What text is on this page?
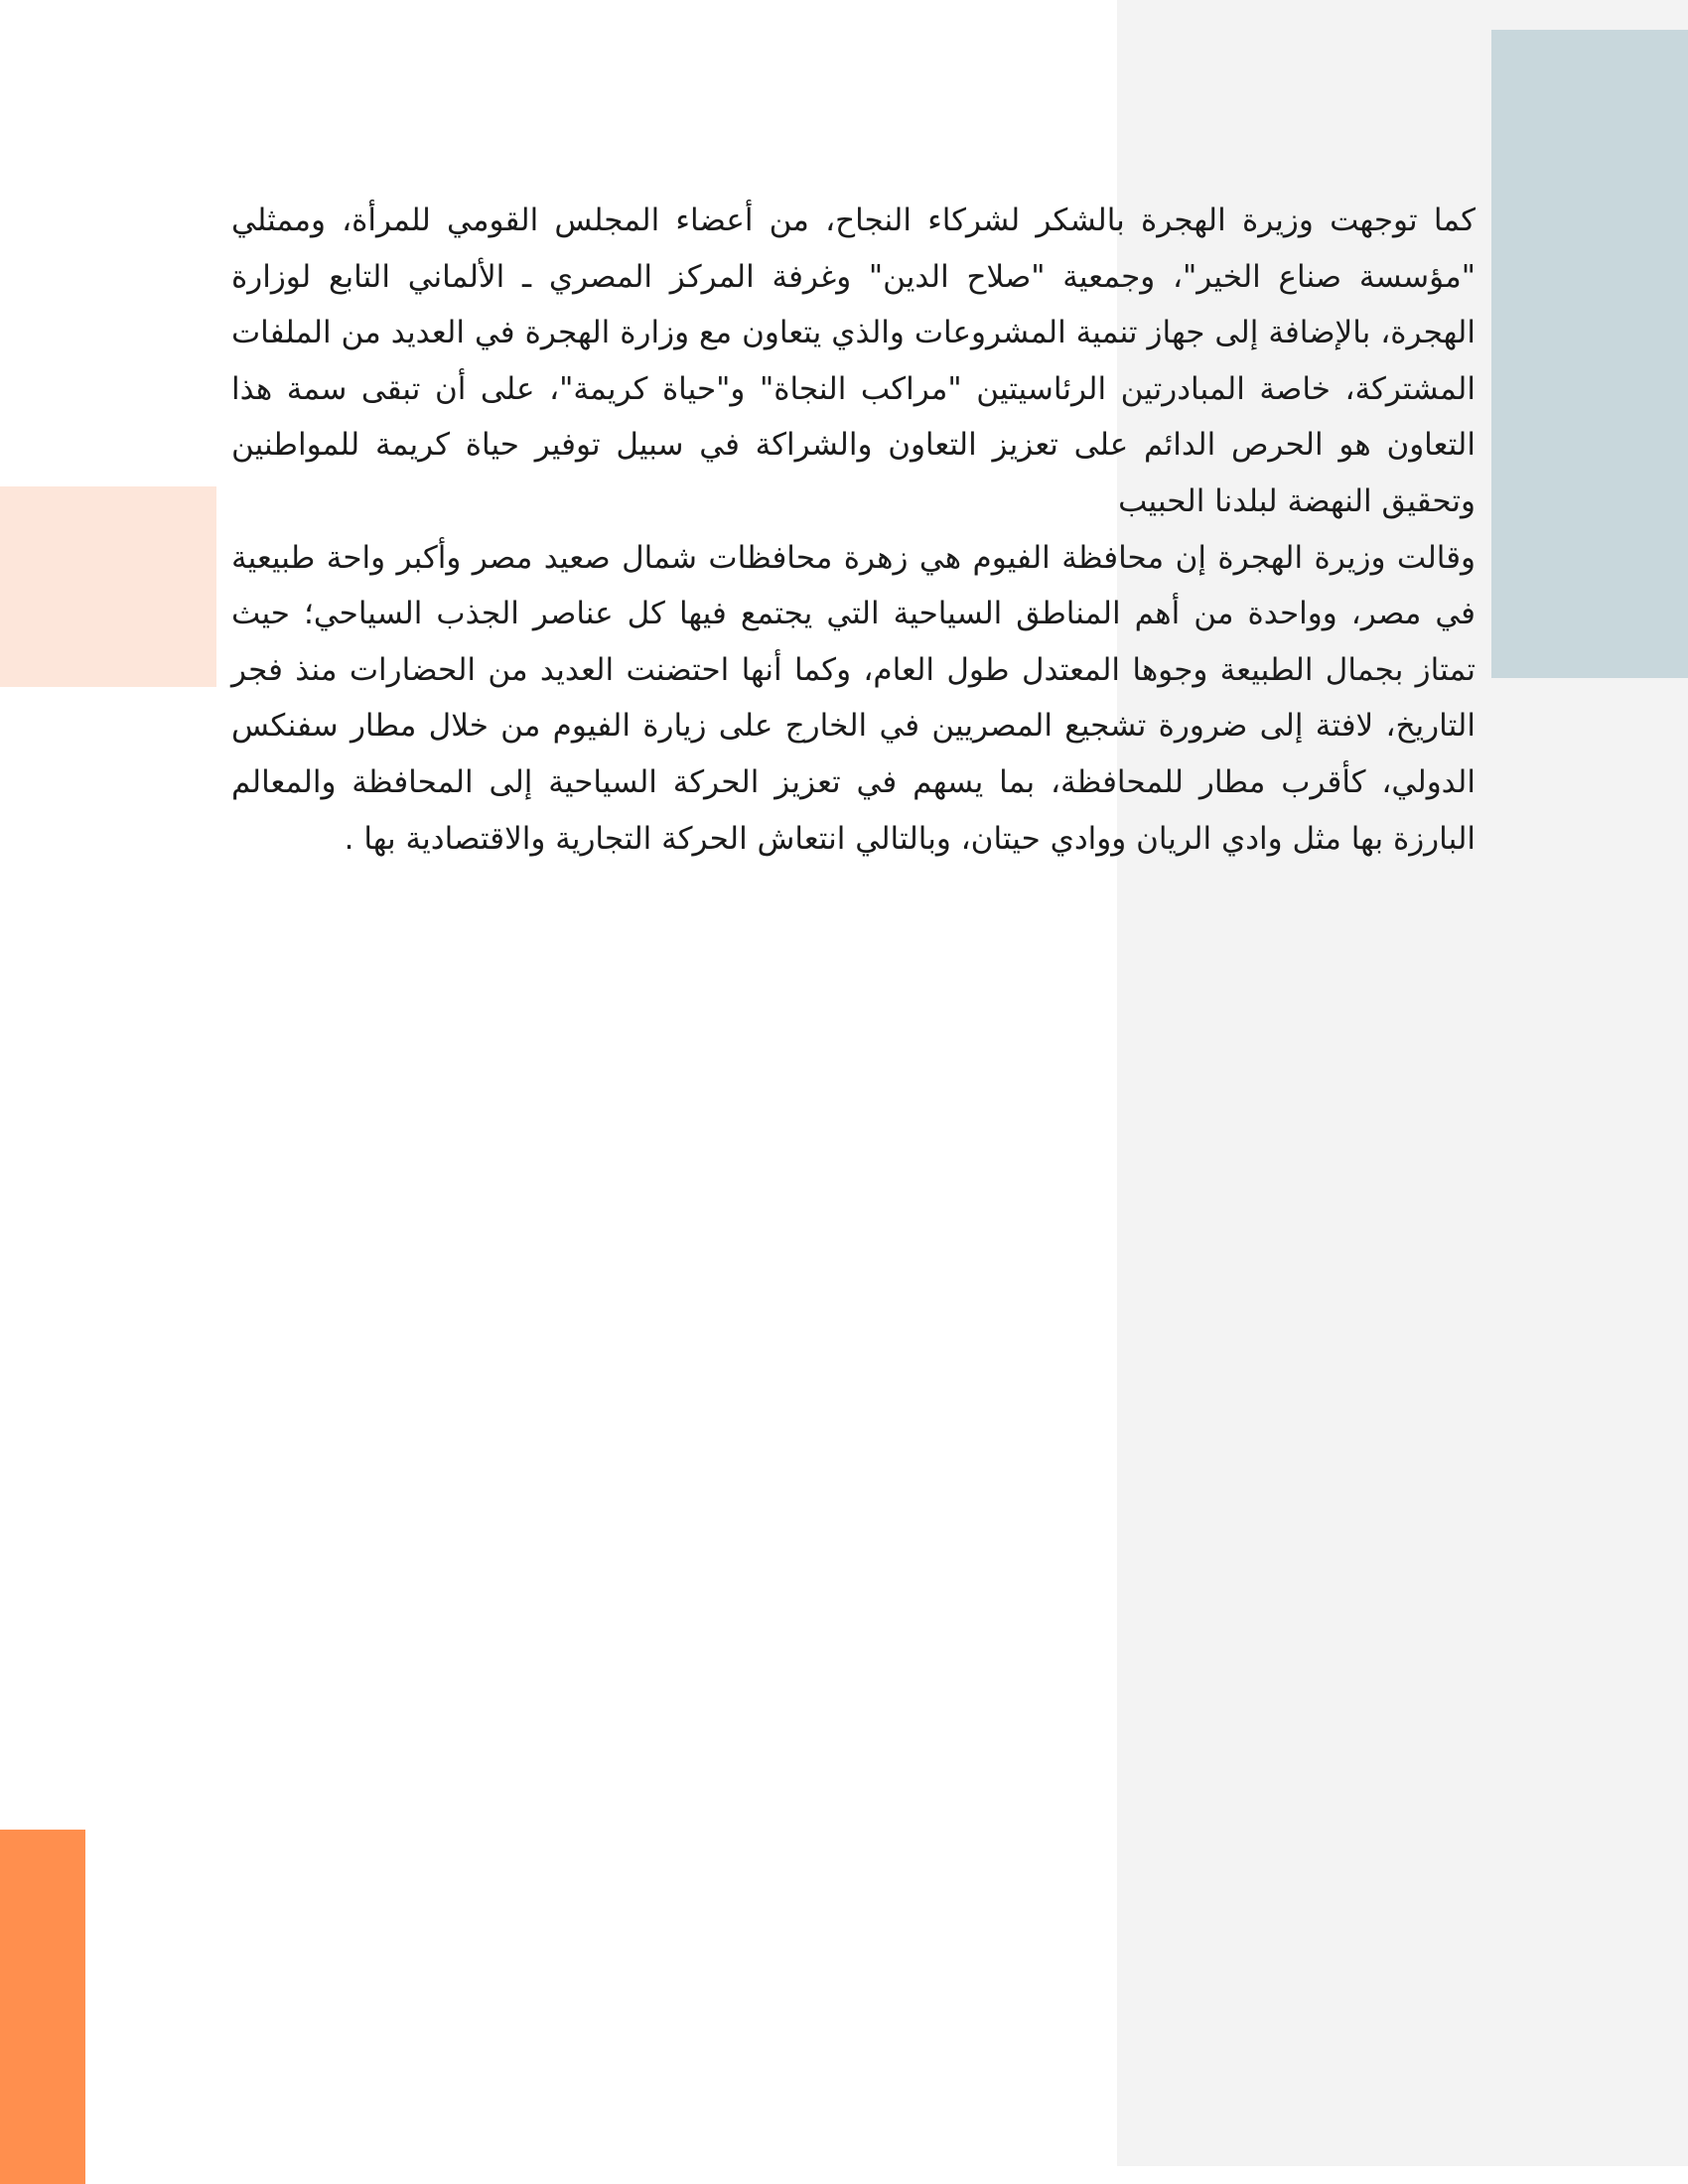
كما توجهت وزيرة الهجرة بالشكر لشركاء النجاح، من أعضاء المجلس القومي للمرأة، وممثلي "مؤسسة صناع الخير"، وجمعية "صلاح الدين" وغرفة المركز المصري ـ الألماني التابع لوزارة الهجرة، بالإضافة إلى جهاز تنمية المشروعات والذي يتعاون مع وزارة الهجرة في العديد من الملفات المشتركة، خاصة المبادرتين الرئاسيتين "مراكب النجاة" و"حياة كريمة"، على أن تبقى سمة هذا التعاون هو الحرص الدائم على تعزيز التعاون والشراكة في سبيل توفير حياة كريمة للمواطنين وتحقيق النهضة لبلدنا الحبيب

وقالت وزيرة الهجرة إن محافظة الفيوم هي زهرة محافظات شمال صعيد مصر وأكبر واحة طبيعية في مصر، وواحدة من أهم المناطق السياحية التي يجتمع فيها كل عناصر الجذب السياحي؛ حيث تمتاز بجمال الطبيعة وجوها المعتدل طول العام، وكما أنها احتضنت العديد من الحضارات منذ فجر التاريخ، لافتة إلى ضرورة تشجيع المصريين في الخارج على زيارة الفيوم من خلال مطار سفنكس الدولي، كأقرب مطار للمحافظة، بما يسهم في تعزيز الحركة السياحية إلى المحافظة والمعالم البارزة بها مثل وادي الريان ووادي حيتان، وبالتالي انتعاش الحركة التجارية والاقتصادية بها .
